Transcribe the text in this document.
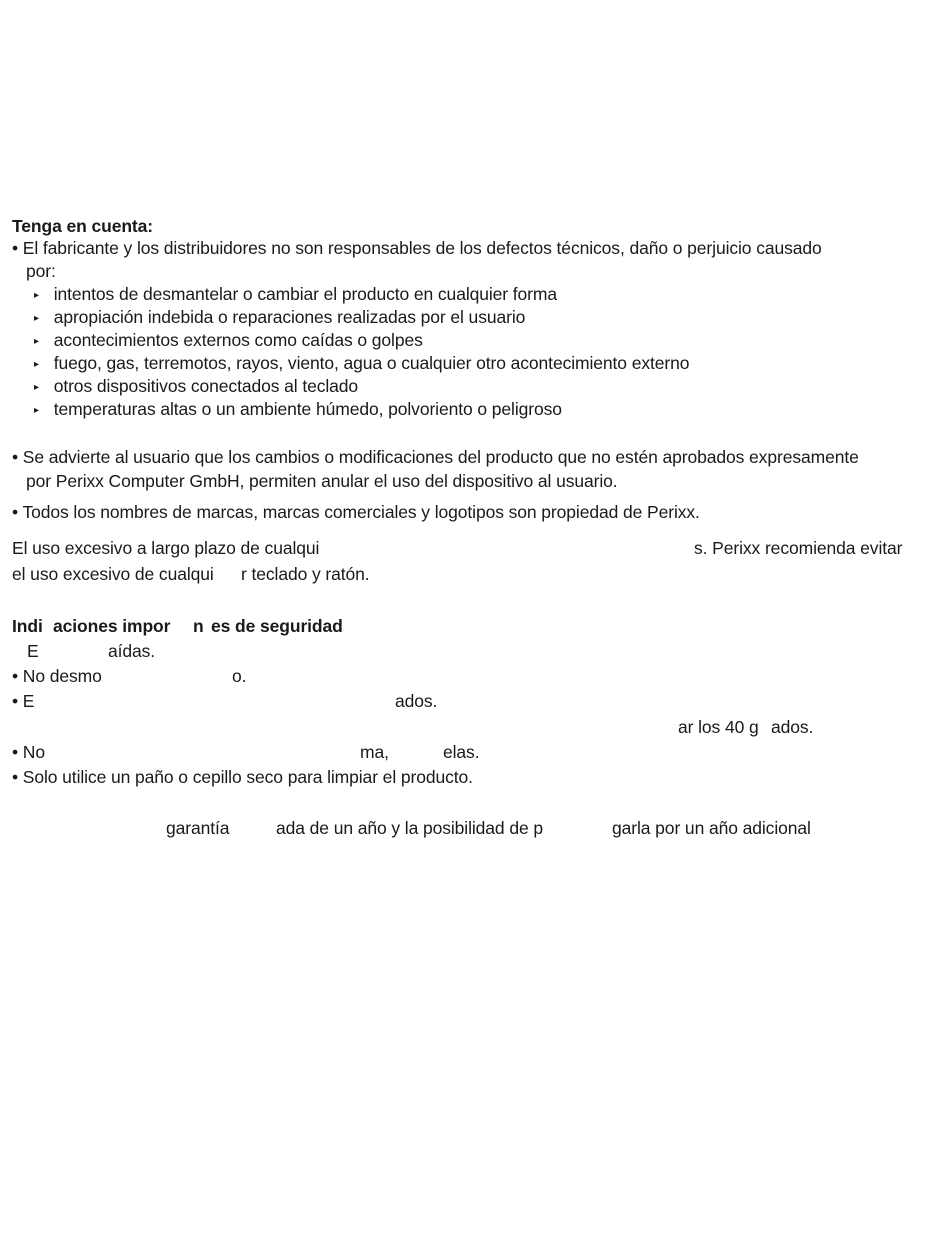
Tenga en cuenta:
• El fabricante y los distribuidores no son responsables de los defectos técnicos, daño o perjuicio causado
por:
▸ intentos de desmantelar o cambiar el producto en cualquier forma
▸ apropiación indebida o reparaciones realizadas por el usuario
▸ acontecimientos externos como caídas o golpes
▸ fuego, gas, terremotos, rayos, viento, agua o cualquier otro acontecimiento externo
▸ otros dispositivos conectados al teclado
▸ temperaturas altas o un ambiente húmedo, polvoriento o peligroso
• Se advierte al usuario que los cambios o modificaciones del producto que no estén aprobados expresamente
por Perixx Computer GmbH, permiten anular el uso del dispositivo al usuario.
• Todos los nombres de marcas, marcas comerciales y logotipos son propiedad de Perixx.
El uso excesivo a largo plazo de cualqui	s. Perixx recomienda evitar
el uso excesivo de cualqui r teclado y ratón.
Indi aciones impor n es de seguridad
E	aídas.
• No desmo	o.
• E	ados.
ar los 40 g ados.
• No	ma,	elas.
• Solo utilice un paño o cepillo seco para limpiar el producto.
garantía	ada de un año y la posibilidad de p	garla por un año adicional
